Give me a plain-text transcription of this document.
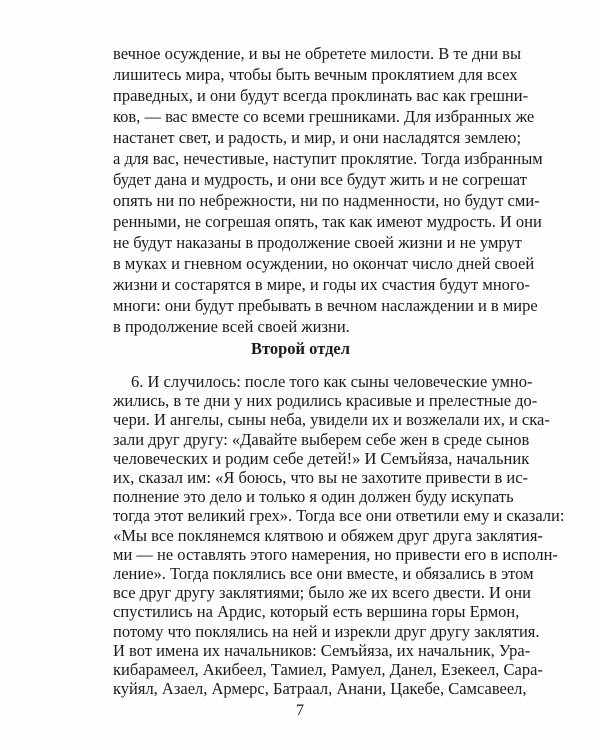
вечное осуждение, и вы не обретете милости. В те дни вы
лишитесь мира, чтобы быть вечным проклятием для всех
праведных, и они будут всегда проклинать вас как грешни-
ков, — вас вместе со всеми грешниками. Для избранных же
настанет свет, и радость, и мир, и они насладятся землею;
а для вас, нечестивые, наступит проклятие. Тогда избранным
будет дана и мудрость, и они все будут жить и не согрешат
опять ни по небрежности, ни по надменности, но будут сми-
ренными, не согрешая опять, так как имеют мудрость. И они
не будут наказаны в продолжение своей жизни и не умрут
в муках и гневном осуждении, но окончат число дней своей
жизни и состарятся в мире, и годы их счастия будут много-
многи: они будут пребывать в вечном наслаждении и в мире
в продолжение всей своей жизни.
Второй отдел
7
6. И случилось: после того как сыны человеческие умно-
жились, в те дни у них родились красивые и прелестные до-
чери. И ангелы, сыны неба, увидели их и возжелали их, и ска-
зали друг другу: «Давайте выберем себе жен в среде сынов
человеческих и родим себе детей!» И Семъйяза, начальник
их, сказал им: «Я боюсь, что вы не захотите привести в ис-
полнение это дело и только я один должен буду искупать
тогда этот великий грех». Тогда все они ответили ему и сказали:
«Мы все поклянемся клятвою и обяжем друг друга заклятия-
ми — не оставлять этого намерения, но привести его в исполн-
ление». Тогда поклялись все они вместе, и обязались в этом
все друг другу заклятиями; было же их всего двести. И они
спустились на Ардис, который есть вершина горы Ермон,
потому что поклялись на ней и изрекли друг другу заклятия.
И вот имена их начальников: Семъйяза, их начальник, Ура-
кибарамеел, Акибеел, Тамиел, Рамуел, Данел, Езекеел, Сара-
куйял, Азаел, Армерс, Батраал, Анани, Цакебе, Самсавеел,
